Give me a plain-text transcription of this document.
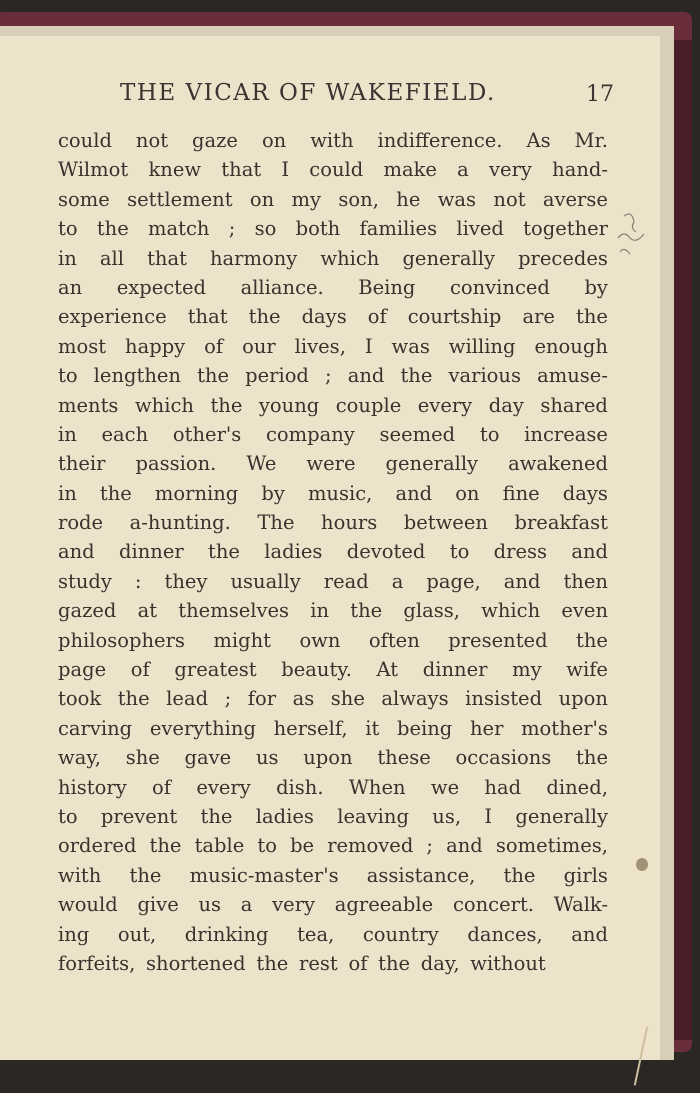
THE VICAR OF WAKEFIELD.	17
could not gaze on with indifference. As Mr.
Wilmot knew that I could make a very hand-
some settlement on my son, he was not averse
to the match ; so both families lived together
in all that harmony which generally precedes
an expected alliance. Being convinced by
experience that the days of courtship are the
most happy of our lives, I was willing enough
to lengthen the period ; and the various amuse-
ments which the young couple every day shared
in each other's company seemed to increase
their passion. We were generally awakened
in the morning by music, and on fine days
rode a-hunting. The hours between breakfast
and dinner the ladies devoted to dress and
study : they usually read a page, and then
gazed at themselves in the glass, which even
philosophers might own often presented the
page of greatest beauty. At dinner my wife
took the lead ; for as she always insisted upon
carving everything herself, it being her mother's
way, she gave us upon these occasions the
history of every dish. When we had dined,
to prevent the ladies leaving us, I generally
ordered the table to be removed ; and sometimes,
with the music-master's assistance, the girls
would give us a very agreeable concert. Walk-
ing out, drinking tea, country dances, and
forfeits, shortened the rest of the day, without
